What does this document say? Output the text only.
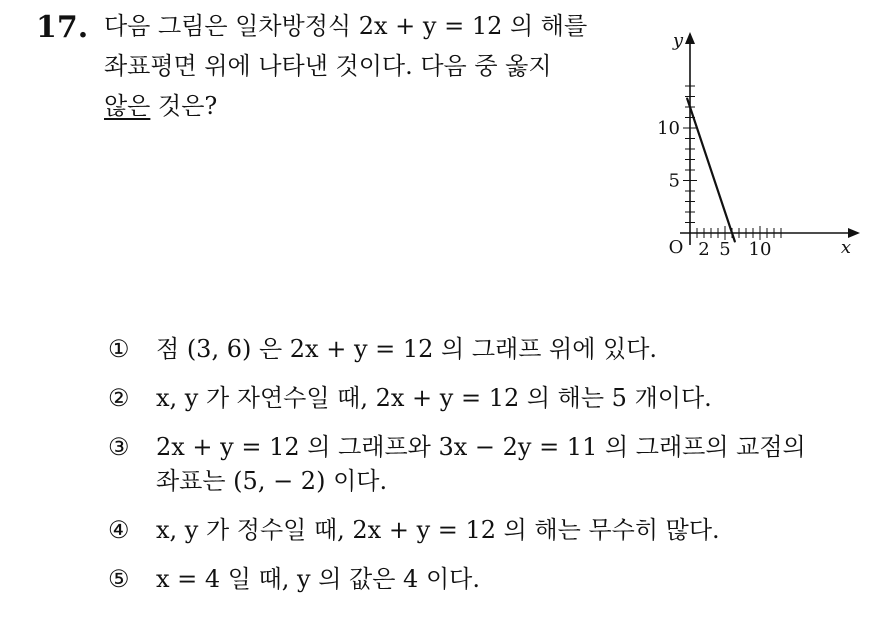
17. 다음 그림은 일차방정식 2x + y = 12 의 해를
좌표평면 위에 나타낸 것이다. 다음 중 옳지
않은 것은?
O 2 5 10
5
10
x
y
①	점 (3, 6) 은 2x + y = 12 의 그래프 위에 있다.
②	x, y 가 자연수일 때, 2x + y = 12 의 해는 5 개이다.
③	2x + y = 12 의 그래프와 3x − 2y = 11 의 그래프의 교점의
좌표는 (5, − 2) 이다.
④	x, y 가 정수일 때, 2x + y = 12 의 해는 무수히 많다.
⑤	x = 4 일 때, y 의 값은 4 이다.
